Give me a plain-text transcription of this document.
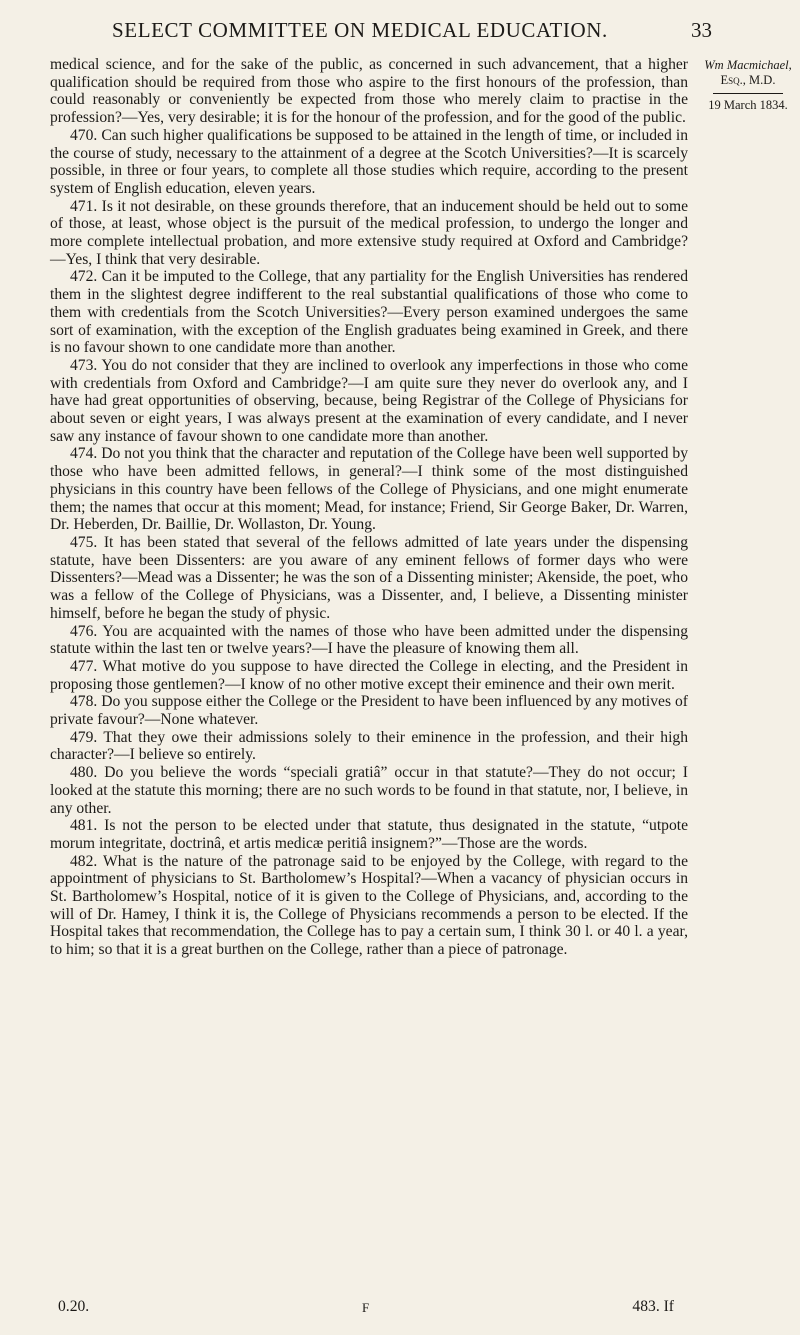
SELECT COMMITTEE ON MEDICAL EDUCATION.	33
Wm Macmichael,
Esq., M.D.
19 March 1834.

medical science, and for the sake of the public, as concerned in such advancement, that a higher qualification should be required from those who aspire to the first honours of the profession, than could reasonably or conveniently be expected from those who merely claim to practise in the profession?—Yes, very desirable; it is for the honour of the profession, and for the good of the public.

470. Can such higher qualifications be supposed to be attained in the length of time, or included in the course of study, necessary to the attainment of a degree at the Scotch Universities?—It is scarcely possible, in three or four years, to complete all those studies which require, according to the present system of English education, eleven years.

471. Is it not desirable, on these grounds therefore, that an inducement should be held out to some of those, at least, whose object is the pursuit of the medical profession, to undergo the longer and more complete intellectual probation, and more extensive study required at Oxford and Cambridge?—Yes, I think that very desirable.

472. Can it be imputed to the College, that any partiality for the English Universities has rendered them in the slightest degree indifferent to the real substantial qualifications of those who come to them with credentials from the Scotch Universities?—Every person examined undergoes the same sort of examination, with the exception of the English graduates being examined in Greek, and there is no favour shown to one candidate more than another.

473. You do not consider that they are inclined to overlook any imperfections in those who come with credentials from Oxford and Cambridge?—I am quite sure they never do overlook any, and I have had great opportunities of observing, because, being Registrar of the College of Physicians for about seven or eight years, I was always present at the examination of every candidate, and I never saw any instance of favour shown to one candidate more than another.

474. Do not you think that the character and reputation of the College have been well supported by those who have been admitted fellows, in general?—I think some of the most distinguished physicians in this country have been fellows of the College of Physicians, and one might enumerate them; the names that occur at this moment; Mead, for instance; Friend, Sir George Baker, Dr. Warren, Dr. Heberden, Dr. Baillie, Dr. Wollaston, Dr. Young.

475. It has been stated that several of the fellows admitted of late years under the dispensing statute, have been Dissenters: are you aware of any eminent fellows of former days who were Dissenters?—Mead was a Dissenter; he was the son of a Dissenting minister; Akenside, the poet, who was a fellow of the College of Physicians, was a Dissenter, and, I believe, a Dissenting minister himself, before he began the study of physic.

476. You are acquainted with the names of those who have been admitted under the dispensing statute within the last ten or twelve years?—I have the pleasure of knowing them all.

477. What motive do you suppose to have directed the College in electing, and the President in proposing those gentlemen?—I know of no other motive except their eminence and their own merit.

478. Do you suppose either the College or the President to have been influenced by any motives of private favour?—None whatever.

479. That they owe their admissions solely to their eminence in the profession, and their high character?—I believe so entirely.

480. Do you believe the words “speciali gratiâ” occur in that statute?—They do not occur; I looked at the statute this morning; there are no such words to be found in that statute, nor, I believe, in any other.

481. Is not the person to be elected under that statute, thus designated in the statute, “utpote morum integritate, doctrinâ, et artis medicæ peritiâ insignem?”—Those are the words.

482. What is the nature of the patronage said to be enjoyed by the College, with regard to the appointment of physicians to St. Bartholomew’s Hospital?—When a vacancy of physician occurs in St. Bartholomew’s Hospital, notice of it is given to the College of Physicians, and, according to the will of Dr. Hamey, I think it is, the College of Physicians recommends a person to be elected. If the Hospital takes that recommendation, the College has to pay a certain sum, I think 30 l. or 40 l. a year, to him; so that it is a great burthen on the College, rather than a piece of patronage.

0.20.	F	483. If
